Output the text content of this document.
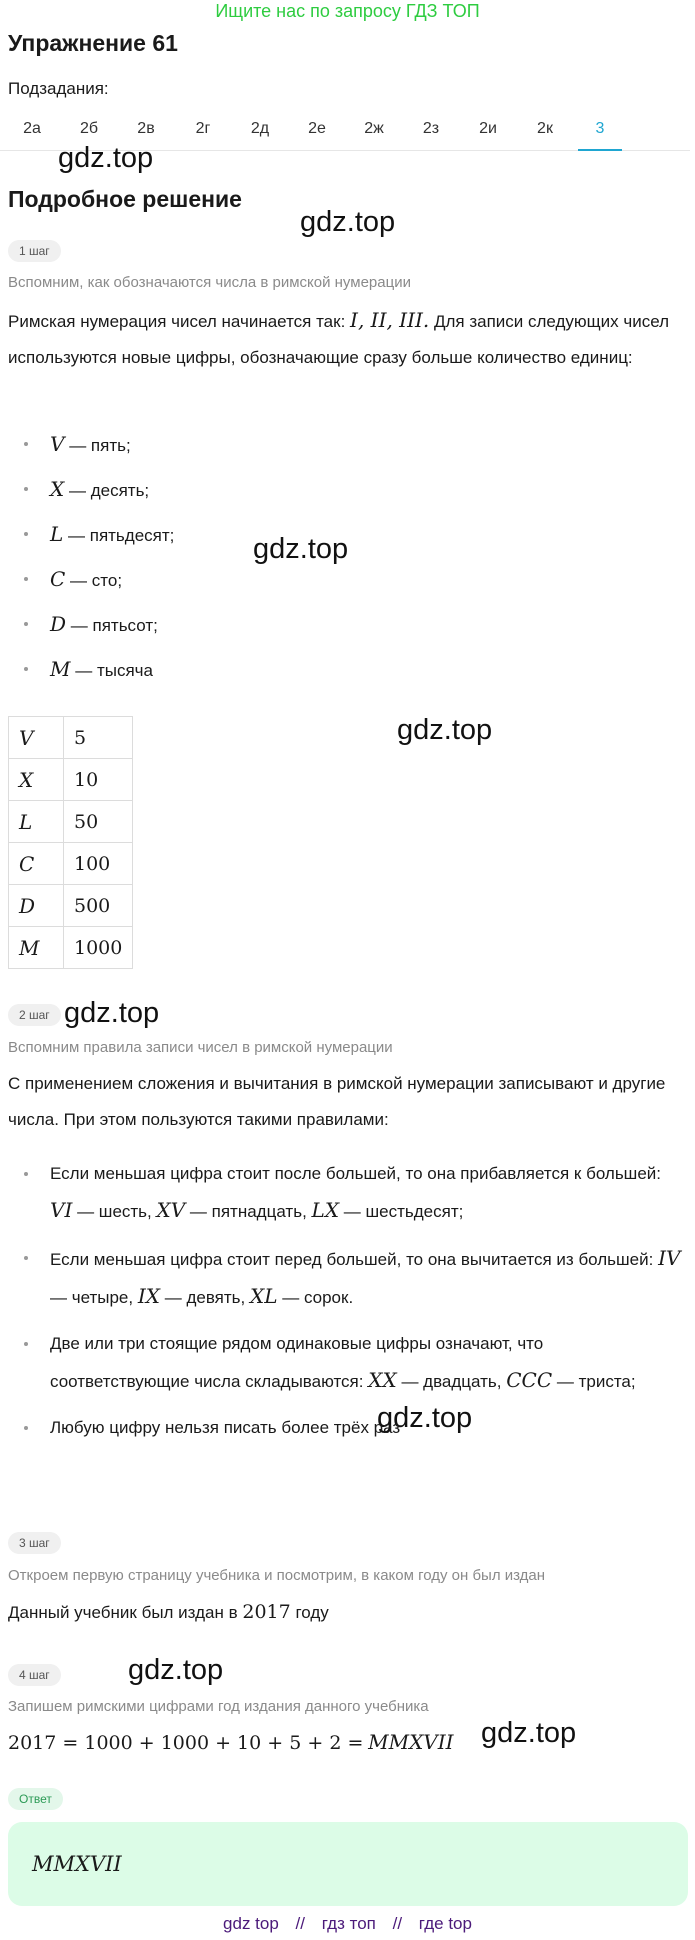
Ищите нас по запросу ГДЗ ТОП
Упражнение 61
Подзадания:
2а	2б	2в	2г	2д	2е	2ж	2з	2и	2к	3
gdz.top
gdz.top
gdz.top
gdz.top
gdz.top
gdz.top
gdz.top
gdz.top
Подробное решение
1 шаг
Вспомним, как обозначаются числа в римской нумерации
Римская нумерация чисел начинается так: I, II, III. Для записи следующих чисел используются новые цифры, обозначающие сразу больше количество единиц:
V — пять;
X — десять;
L — пятьдесят;
C — сто;
D — пятьсот;
M — тысяча
V	5
X	10
L	50
C	100
D	500
M	1000
2 шаг
Вспомним правила записи чисел в римской нумерации
С применением сложения и вычитания в римской нумерации записывают и другие числа. При этом пользуются такими правилами:
Если меньшая цифра стоит после большей, то она прибавляется к большей: VI — шесть, XV — пятнадцать, LX — шестьдесят;
Если меньшая цифра стоит перед большей, то она вычитается из большей: IV — четыре, IX — девять, XL — сорок.
Две или три стоящие рядом одинаковые цифры означают, что соответствующие числа складываются: XX — двадцать, CCC — триста;
Любую цифру нельзя писать более трёх раз
3 шаг
Откроем первую страницу учебника и посмотрим, в каком году он был издан
Данный учебник был издан в 2017 году
4 шаг
Запишем римскими цифрами год издания данного учебника
2017 = 1000 + 1000 + 10 + 5 + 2 = MMXVII
Ответ
MMXVII
gdz top // гдз топ // где top
